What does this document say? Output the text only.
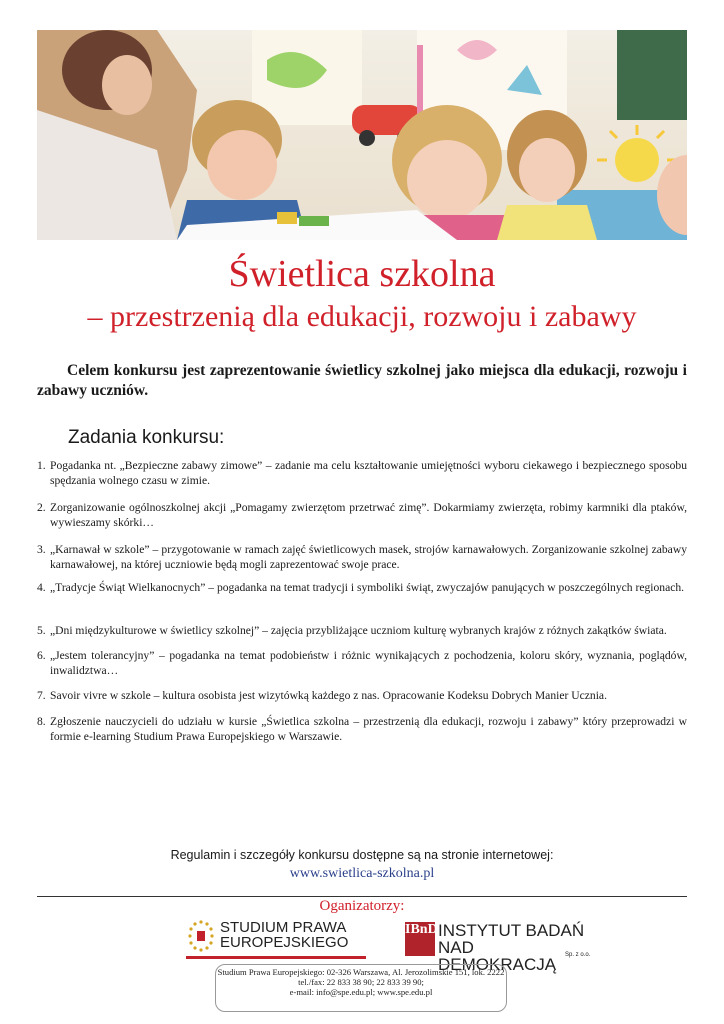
Świetlica szkolna
– przestrzenią dla edukacji, rozwoju i zabawy
Celem konkursu jest zaprezentowanie świetlicy szkolnej jako miejsca dla edukacji, rozwoju i zabawy uczniów.
Zadania konkursu:
1. Pogadanka nt. „Bezpieczne zabawy zimowe” – zadanie ma celu kształtowanie umiejętności wyboru ciekawego i bezpiecznego sposobu spędzania wolnego czasu w zimie.
2. Zorganizowanie ogólnoszkolnej akcji „Pomagamy zwierzętom przetrwać zimę”. Dokarmiamy zwierzęta, robimy karmniki dla ptaków, wywieszamy skórki…
3. „Karnawał w szkole” – przygotowanie w ramach zajęć świetlicowych masek, strojów karnawałowych. Zorganizowanie szkolnej zabawy karnawałowej, na której uczniowie będą mogli zaprezentować swoje prace.
4. „Tradycje Świąt Wielkanocnych” – pogadanka na temat tradycji i symboliki świąt, zwyczajów panujących w poszczególnych regionach.
5. „Dni międzykulturowe w świetlicy szkolnej” – zajęcia przybliżające uczniom kulturę wybranych krajów z różnych zakątków świata.
6. „Jestem tolerancyjny” – pogadanka na temat podobieństw i różnic wynikających z pochodzenia, koloru skóry, wyznania, poglądów, inwalidztwa…
7. Savoir vivre w szkole – kultura osobista jest wizytówką każdego z nas. Opracowanie Kodeksu Dobrych Manier Ucznia.
8. Zgłoszenie nauczycieli do udziału w kursie „Świetlica szkolna – przestrzenią dla edukacji, rozwoju i zabawy” który przeprowadzi w formie e-learning Studium Prawa Europejskiego w Warszawie.
Regulamin i szczegóły konkursu dostępne są na stronie internetowej:
www.swietlica-szkolna.pl
Oganizatorzy:
STUDIUM PRAWA
EUROPEJSKIEGO
IBnD INSTYTUT BADAŃ
NAD DEMOKRACJĄ	Sp. z o.o.
Studium Prawa Europejskiego: 02-326 Warszawa, Al. Jerozolimskie 151, lok. 2222
tel./fax: 22 833 38 90; 22 833 39 90;
e-mail: info@spe.edu.pl; www.spe.edu.pl
